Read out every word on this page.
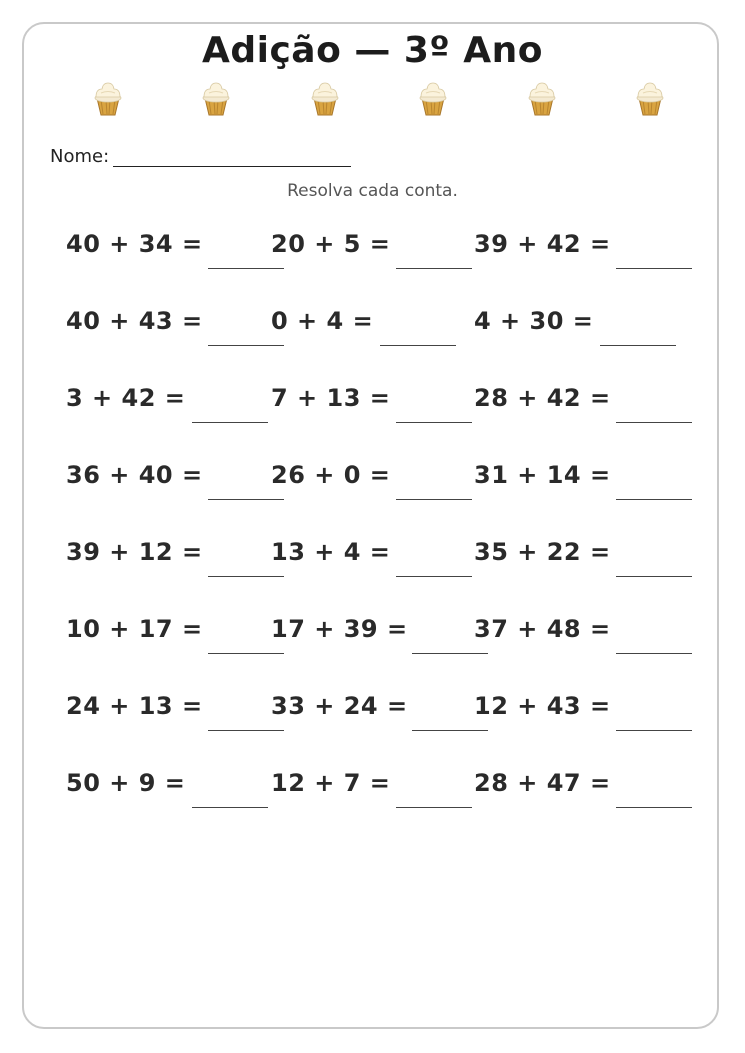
Adição — 3º Ano
Nome:
Resolva cada conta.
40 + 34 =	20 + 5 =	39 + 42 =
40 + 43 =	0 + 4 =	4 + 30 =
3 + 42 =	7 + 13 =	28 + 42 =
36 + 40 =	26 + 0 =	31 + 14 =
39 + 12 =	13 + 4 =	35 + 22 =
10 + 17 =	17 + 39 =	37 + 48 =
24 + 13 =	33 + 24 =	12 + 43 =
50 + 9 =	12 + 7 =	28 + 47 =
